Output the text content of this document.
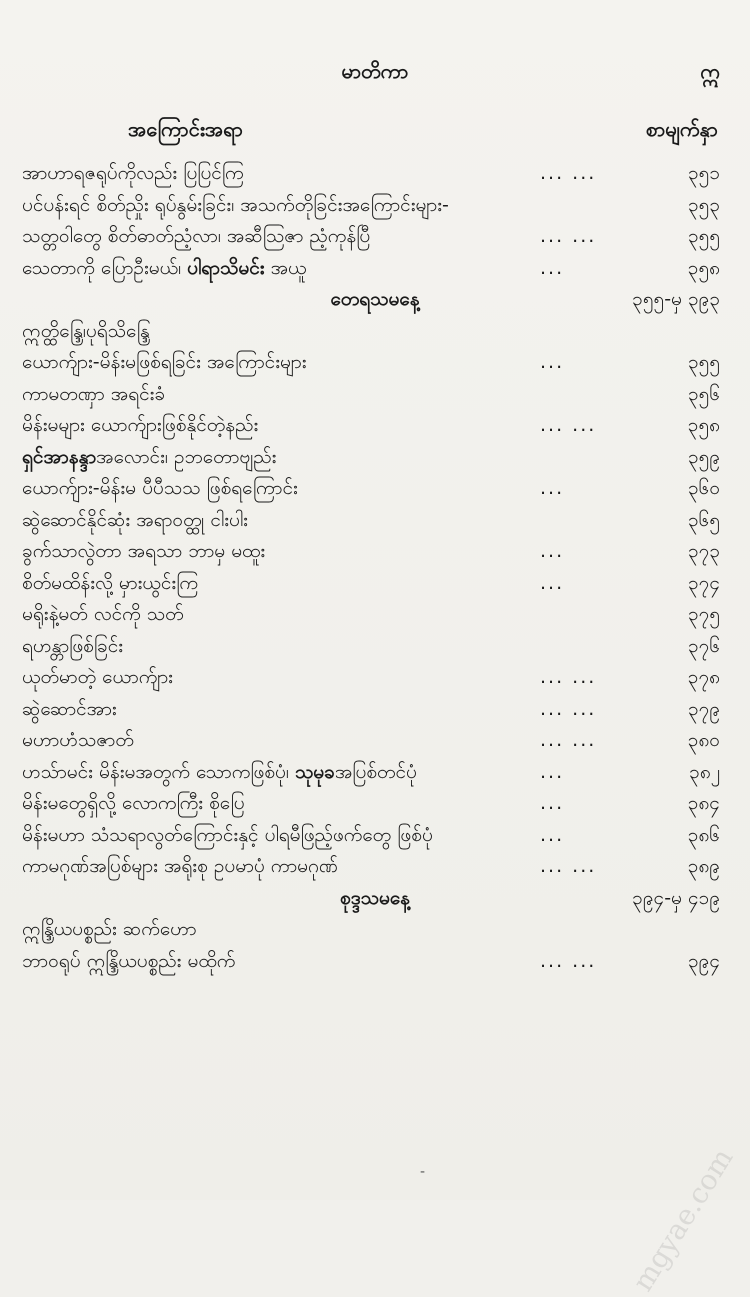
မာတိကာ	ဣ
အကြောင်းအရာ	စာမျက်နှာ
အာဟာရဇရုပ်ကိုလည်း ပြပြင်ကြ	... ...	၃၅၁
ပင်ပန်းရင် စိတ်ညှိုး ရုပ်နွမ်းခြင်း၊ အသက်တိုခြင်းအကြောင်းများ-	၃၅၃
သတ္တဝါတွေ စိတ်ဓာတ်ညံ့လာ၊ အဆီသြဇာ ညံ့ကုန်ပြီ	... ...	၃၅၅
သေတာကို ပြောဦးမယ်၊ ပါရာသိမင်း အယူ	...	၃၅၈
တေရသမနေ့	၃၅၅-မှ ၃၉၃
ဣတ္ထိန္ဒြေ၊ပုရိသိန္ဒြေ
ယောက်ျား-မိန်းမဖြစ်ရခြင်း အကြောင်းများ	...	၃၅၅
ကာမတဏှာ အရင်းခံ	၃၅၆
မိန်းမများ ယောက်ျားဖြစ်နိုင်တဲ့နည်း	... ...	၃၅၈
ရှင်အာနန္ဒာအလောင်း၊ ဥဘတောဗျည်း	၃၅၉
ယောက်ျား-မိန်းမ ပီပီသသ ဖြစ်ရကြောင်း	...	၃၆၀
ဆွဲဆောင်နိုင်ဆုံး အရာ၀တ္ထု ငါးပါး	၃၆၅
ခွက်သာလွဲတာ အရသာ ဘာမှ မထူး	...	၃၇၃
စိတ်မထိန်းလို့ မှားယွင်းကြ	...	၃၇၄
မရိုးနဲ့မတ် လင်ကို သတ်	၃၇၅
ရဟန္တာဖြစ်ခြင်း	၃၇၆
ယုတ်မာတဲ့ ယောက်ျား	... ...	၃၇၈
ဆွဲဆောင်အား	... ...	၃၇၉
မဟာဟံသဇာတ်	... ...	၃၈၀
ဟသ်ာမင်း မိန်းမအတွက် သောကဖြစ်ပုံ၊ သုမုခအပြစ်တင်ပုံ	...	၃၈၂
မိန်းမတွေရှိလို့ လောကကြီး စိုပြေ	...	၃၈၄
မိန်းမဟာ သံသရာလွတ်ကြောင်းနှင့် ပါရမီဖြည့်ဖက်တွေ ဖြစ်ပုံ	...	၃၈၆
ကာမဂုဏ်အပြစ်များ အရိုးစု ဥပမာပုံ ကာမဂုဏ်	... ...	၃၈၉
စုဒ္ဒသမနေ့	၃၉၄-မှ ၄၁၉
ဣန္ဒြိယပစ္စည်း ဆက်ဟော
ဘာ၀ရုပ် ဣန္ဒြိယပစ္စည်း မထိုက်	... ...	၃၉၄
-	mgyae.com
